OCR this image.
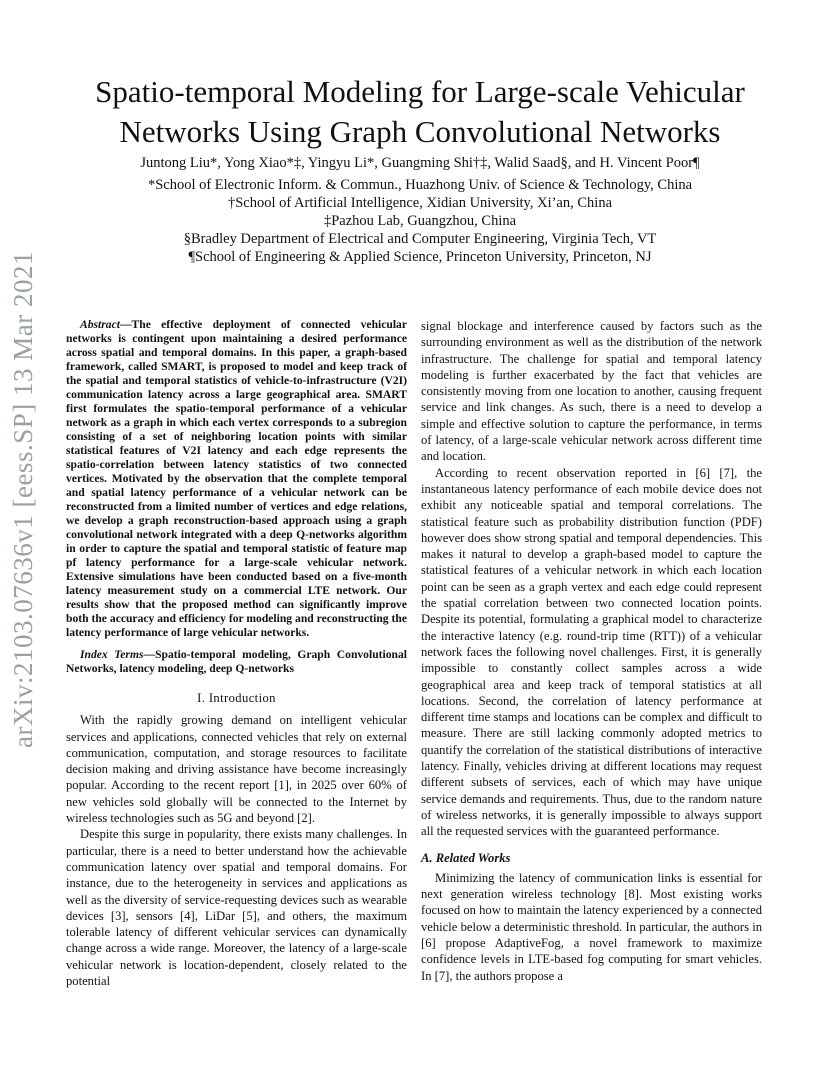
arXiv:2103.07636v1 [eess.SP] 13 Mar 2021
Spatio-temporal Modeling for Large-scale Vehicular Networks Using Graph Convolutional Networks
Juntong Liu*, Yong Xiao*‡, Yingyu Li*, Guangming Shi†‡, Walid Saad§, and H. Vincent Poor¶
*School of Electronic Inform. & Commun., Huazhong Univ. of Science & Technology, China
†School of Artificial Intelligence, Xidian University, Xi’an, China
‡Pazhou Lab, Guangzhou, China
§Bradley Department of Electrical and Computer Engineering, Virginia Tech, VT
¶School of Engineering & Applied Science, Princeton University, Princeton, NJ

Abstract—The effective deployment of connected vehicular networks is contingent upon maintaining a desired performance across spatial and temporal domains. In this paper, a graph-based framework, called SMART, is proposed to model and keep track of the spatial and temporal statistics of vehicle-to-infrastructure (V2I) communication latency across a large geographical area. SMART first formulates the spatio-temporal performance of a vehicular network as a graph in which each vertex corresponds to a subregion consisting of a set of neighboring location points with similar statistical features of V2I latency and each edge represents the spatio-correlation between latency statistics of two connected vertices. Motivated by the observation that the complete temporal and spatial latency performance of a vehicular network can be reconstructed from a limited number of vertices and edge relations, we develop a graph reconstruction-based approach using a graph convolutional network integrated with a deep Q-networks algorithm in order to capture the spatial and temporal statistic of feature map pf latency performance for a large-scale vehicular network. Extensive simulations have been conducted based on a five-month latency measurement study on a commercial LTE network. Our results show that the proposed method can significantly improve both the accuracy and efficiency for modeling and reconstructing the latency performance of large vehicular networks.

Index Terms—Spatio-temporal modeling, Graph Convolutional Networks, latency modeling, deep Q-networks

I. Introduction

With the rapidly growing demand on intelligent vehicular services and applications, connected vehicles that rely on external communication, computation, and storage resources to facilitate decision making and driving assistance have become increasingly popular. According to the recent report [1], in 2025 over 60% of new vehicles sold globally will be connected to the Internet by wireless technologies such as 5G and beyond [2].

Despite this surge in popularity, there exists many challenges. In particular, there is a need to better understand how the achievable communication latency over spatial and temporal domains. For instance, due to the heterogeneity in services and applications as well as the diversity of service-requesting devices such as wearable devices [3], sensors [4], LiDar [5], and others, the maximum tolerable latency of different vehicular services can dynamically change across a wide range. Moreover, the latency of a large-scale vehicular network is location-dependent, closely related to the potential

signal blockage and interference caused by factors such as the surrounding environment as well as the distribution of the network infrastructure. The challenge for spatial and temporal latency modeling is further exacerbated by the fact that vehicles are consistently moving from one location to another, causing frequent service and link changes. As such, there is a need to develop a simple and effective solution to capture the performance, in terms of latency, of a large-scale vehicular network across different time and location.

According to recent observation reported in [6] [7], the instantaneous latency performance of each mobile device does not exhibit any noticeable spatial and temporal correlations. The statistical feature such as probability distribution function (PDF) however does show strong spatial and temporal dependencies. This makes it natural to develop a graph-based model to capture the statistical features of a vehicular network in which each location point can be seen as a graph vertex and each edge could represent the spatial correlation between two connected location points. Despite its potential, formulating a graphical model to characterize the interactive latency (e.g. round-trip time (RTT)) of a vehicular network faces the following novel challenges. First, it is generally impossible to constantly collect samples across a wide geographical area and keep track of temporal statistics at all locations. Second, the correlation of latency performance at different time stamps and locations can be complex and difficult to measure. There are still lacking commonly adopted metrics to quantify the correlation of the statistical distributions of interactive latency. Finally, vehicles driving at different locations may request different subsets of services, each of which may have unique service demands and requirements. Thus, due to the random nature of wireless networks, it is generally impossible to always support all the requested services with the guaranteed performance.

A. Related Works

Minimizing the latency of communication links is essential for next generation wireless technology [8]. Most existing works focused on how to maintain the latency experienced by a connected vehicle below a deterministic threshold. In particular, the authors in [6] propose AdaptiveFog, a novel framework to maximize confidence levels in LTE-based fog computing for smart vehicles. In [7], the authors propose a
